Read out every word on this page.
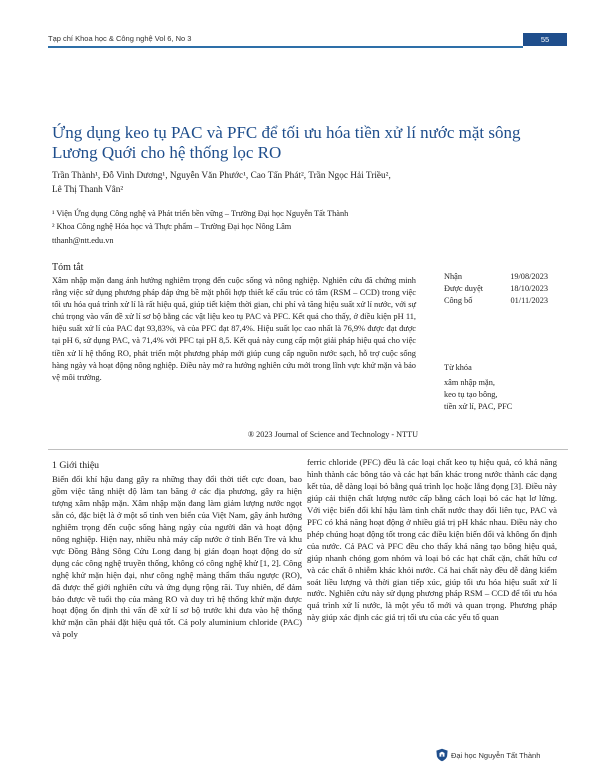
Tạp chí Khoa học & Công nghệ Vol 6, No 3	55
Ứng dụng keo tụ PAC và PFC để tối ưu hóa tiền xử lí nước mặt sông Lương Quới cho hệ thống lọc RO
Trần Thành¹, Đỗ Vinh Dương¹, Nguyễn Văn Phước¹, Cao Tấn Phát², Trần Ngọc Hải Triều²,
Lê Thị Thanh Vân²
¹ Viện Ứng dụng Công nghệ và Phát triển bền vững – Trường Đại học Nguyễn Tất Thành
² Khoa Công nghệ Hóa học và Thực phẩm – Trường Đại học Nông Lâm
tthanh@ntt.edu.vn
Tóm tắt

Xâm nhập mặn đang ảnh hưởng nghiêm trọng đến cuộc sống và nông nghiệp. Nghiên cứu đã chứng minh rằng việc sử dụng phương pháp đáp ứng bề mặt phối hợp thiết kế cấu trúc có tâm (RSM – CCD) trong việc tối ưu hóa quá trình xử lí là rất hiệu quả, giúp tiết kiệm thời gian, chi phí và tăng hiệu suất xử lí nước, với sự chú trọng vào vấn đề xử lí sơ bộ bằng các vật liệu keo tụ PAC và PFC. Kết quả cho thấy, ở điều kiện pH 11, hiệu suất xử lí của PAC đạt 93,83%, và của PFC đạt 87,4%. Hiệu suất lọc cao nhất là 76,9% được đạt được tại pH 6, sử dụng PAC, và 71,4% với PFC tại pH 8,5. Kết quả này cung cấp một giải pháp hiệu quả cho việc tiền xử lí hệ thống RO, phát triển một phương pháp mới giúp cung cấp nguồn nước sạch, hỗ trợ cuộc sống hàng ngày và hoạt động nông nghiệp. Điều này mở ra hướng nghiên cứu mới trong lĩnh vực khử mặn và bảo vệ môi trường.

® 2023 Journal of Science and Technology - NTTU
Nhận	19/08/2023
Được duyệt	18/10/2023
Công bố	01/11/2023
Từ khóa
xâm nhập mặn,
keo tụ tạo bông,
tiền xử lí, PAC, PFC
1 Giới thiệu

Biến đổi khí hậu đang gây ra những thay đổi thời tiết cực đoan, bao gồm việc tăng nhiệt độ làm tan băng ở các địa phương, gây ra hiện tượng xâm nhập mặn. Xâm nhập mặn đang làm giảm lượng nước ngọt sẵn có, đặc biệt là ở một số tỉnh ven biển của Việt Nam, gây ảnh hưởng nghiêm trọng đến cuộc sống hàng ngày của người dân và hoạt động nông nghiệp. Hiện nay, nhiều nhà máy cấp nước ở tỉnh Bến Tre và khu vực Đồng Bằng Sông Cửu Long đang bị gián đoạn hoạt động do sử dụng các công nghệ truyền thống, không có công nghệ khử [1, 2]. Công nghệ khử mặn hiện đại, như công nghệ màng thẩm thấu ngược (RO), đã được thế giới nghiên cứu và ứng dụng rộng rãi. Tuy nhiên, để đảm bảo được về tuổi thọ của màng RO và duy trì hệ thống khử mặn được hoạt động ổn định thì vấn đề xử lí sơ bộ trước khi đưa vào hệ thống khử mặn cần phải đặt hiệu quả tốt. Cả poly aluminium chloride (PAC) và poly

ferric chloride (PFC) đều là các loại chất keo tụ hiệu quả, có khả năng hình thành các bông tảo và các hạt bẩn khác trong nước thành các dạng kết tủa, dễ dàng loại bỏ bằng quá trình lọc hoặc lắng đọng [3]. Điều này giúp cải thiện chất lượng nước cấp bằng cách loại bỏ các hạt lơ lửng. Với việc biến đổi khí hậu làm tình chất nước thay đổi liên tục, PAC và PFC có khả năng hoạt động ở nhiều giá trị pH khác nhau. Điều này cho phép chúng hoạt động tốt trong các điều kiện biến đổi và không ổn định của nước. Cả PAC và PFC đều cho thấy khả năng tạo bông hiệu quả, giúp nhanh chóng gom nhóm và loại bỏ các hạt chất cặn, chất hữu cơ và các chất ô nhiễm khác khỏi nước. Cả hai chất này đều dễ dàng kiểm soát liều lượng và thời gian tiếp xúc, giúp tối ưu hóa hiệu suất xử lí nước. Nghiên cứu này sử dụng phương pháp RSM – CCD để tối ưu hóa quá trình xử lí nước, là một yếu tố mới và quan trọng. Phương pháp này giúp xác định các giá trị tối ưu của các yếu tố quan

Đại học Nguyễn Tất Thành
